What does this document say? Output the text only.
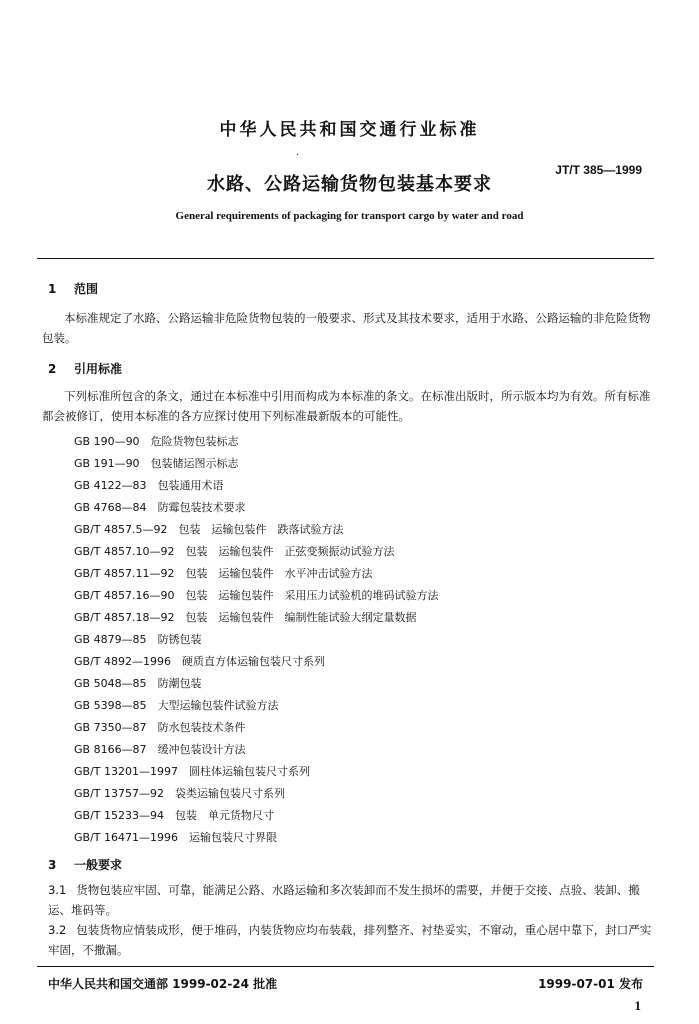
中华人民共和国交通行业标准
·
水路、公路运输货物包装基本要求
JT/T 385—1999
General requirements of packaging for transport cargo by water and road
1 范围
本标准规定了水路、公路运输非危险货物包装的一般要求、形式及其技术要求，适用于水路、公路运输的非危险货物包装。
2 引用标准
下列标准所包含的条文，通过在本标准中引用而构成为本标准的条文。在标准出版时，所示版本均为有效。所有标准都会被修订，使用本标准的各方应探讨使用下列标准最新版本的可能性。
GB 190—90　 危险货物包装标志
GB 191—90　 包装储运图示标志
GB 4122—83　 包装通用术语
GB 4768—84　 防霉包装技术要求
GB/T 4857.5—92　 包装　运输包装件　跌落试验方法
GB/T 4857.10—92　 包装　运输包装件　正弦变频振动试验方法
GB/T 4857.11—92　 包装　运输包装件　水平冲击试验方法
GB/T 4857.16—90　 包装　运输包装件　采用压力试验机的堆码试验方法
GB/T 4857.18—92　 包装　运输包装件　编制性能试验大纲定量数据
GB 4879—85　 防锈包装
GB/T 4892—1996　 硬质直方体运输包装尺寸系列
GB 5048—85　 防潮包装
GB 5398—85　 大型运输包装件试验方法
GB 7350—87　 防水包装技术条件
GB 8166—87　 缓冲包装设计方法
GB/T 13201—1997　 圆柱体运输包装尺寸系列
GB/T 13757—92　 袋类运输包装尺寸系列
GB/T 15233—94　 包装　单元货物尺寸
GB/T 16471—1996　 运输包装尺寸界限
3 一般要求
3.1 货物包装应牢固、可靠，能满足公路、水路运输和多次装卸而不发生损坏的需要，并便于交接、点验、装卸、搬运、堆码等。
3.2 包装货物应情装成形，便于堆码，内装货物应均布装载，排列整齐、衬垫妥实，不窜动，重心居中靠下，封口严实牢固，不撒漏。
中华人民共和国交通部 1999-02-24 批准	1999-07-01 发布
1
